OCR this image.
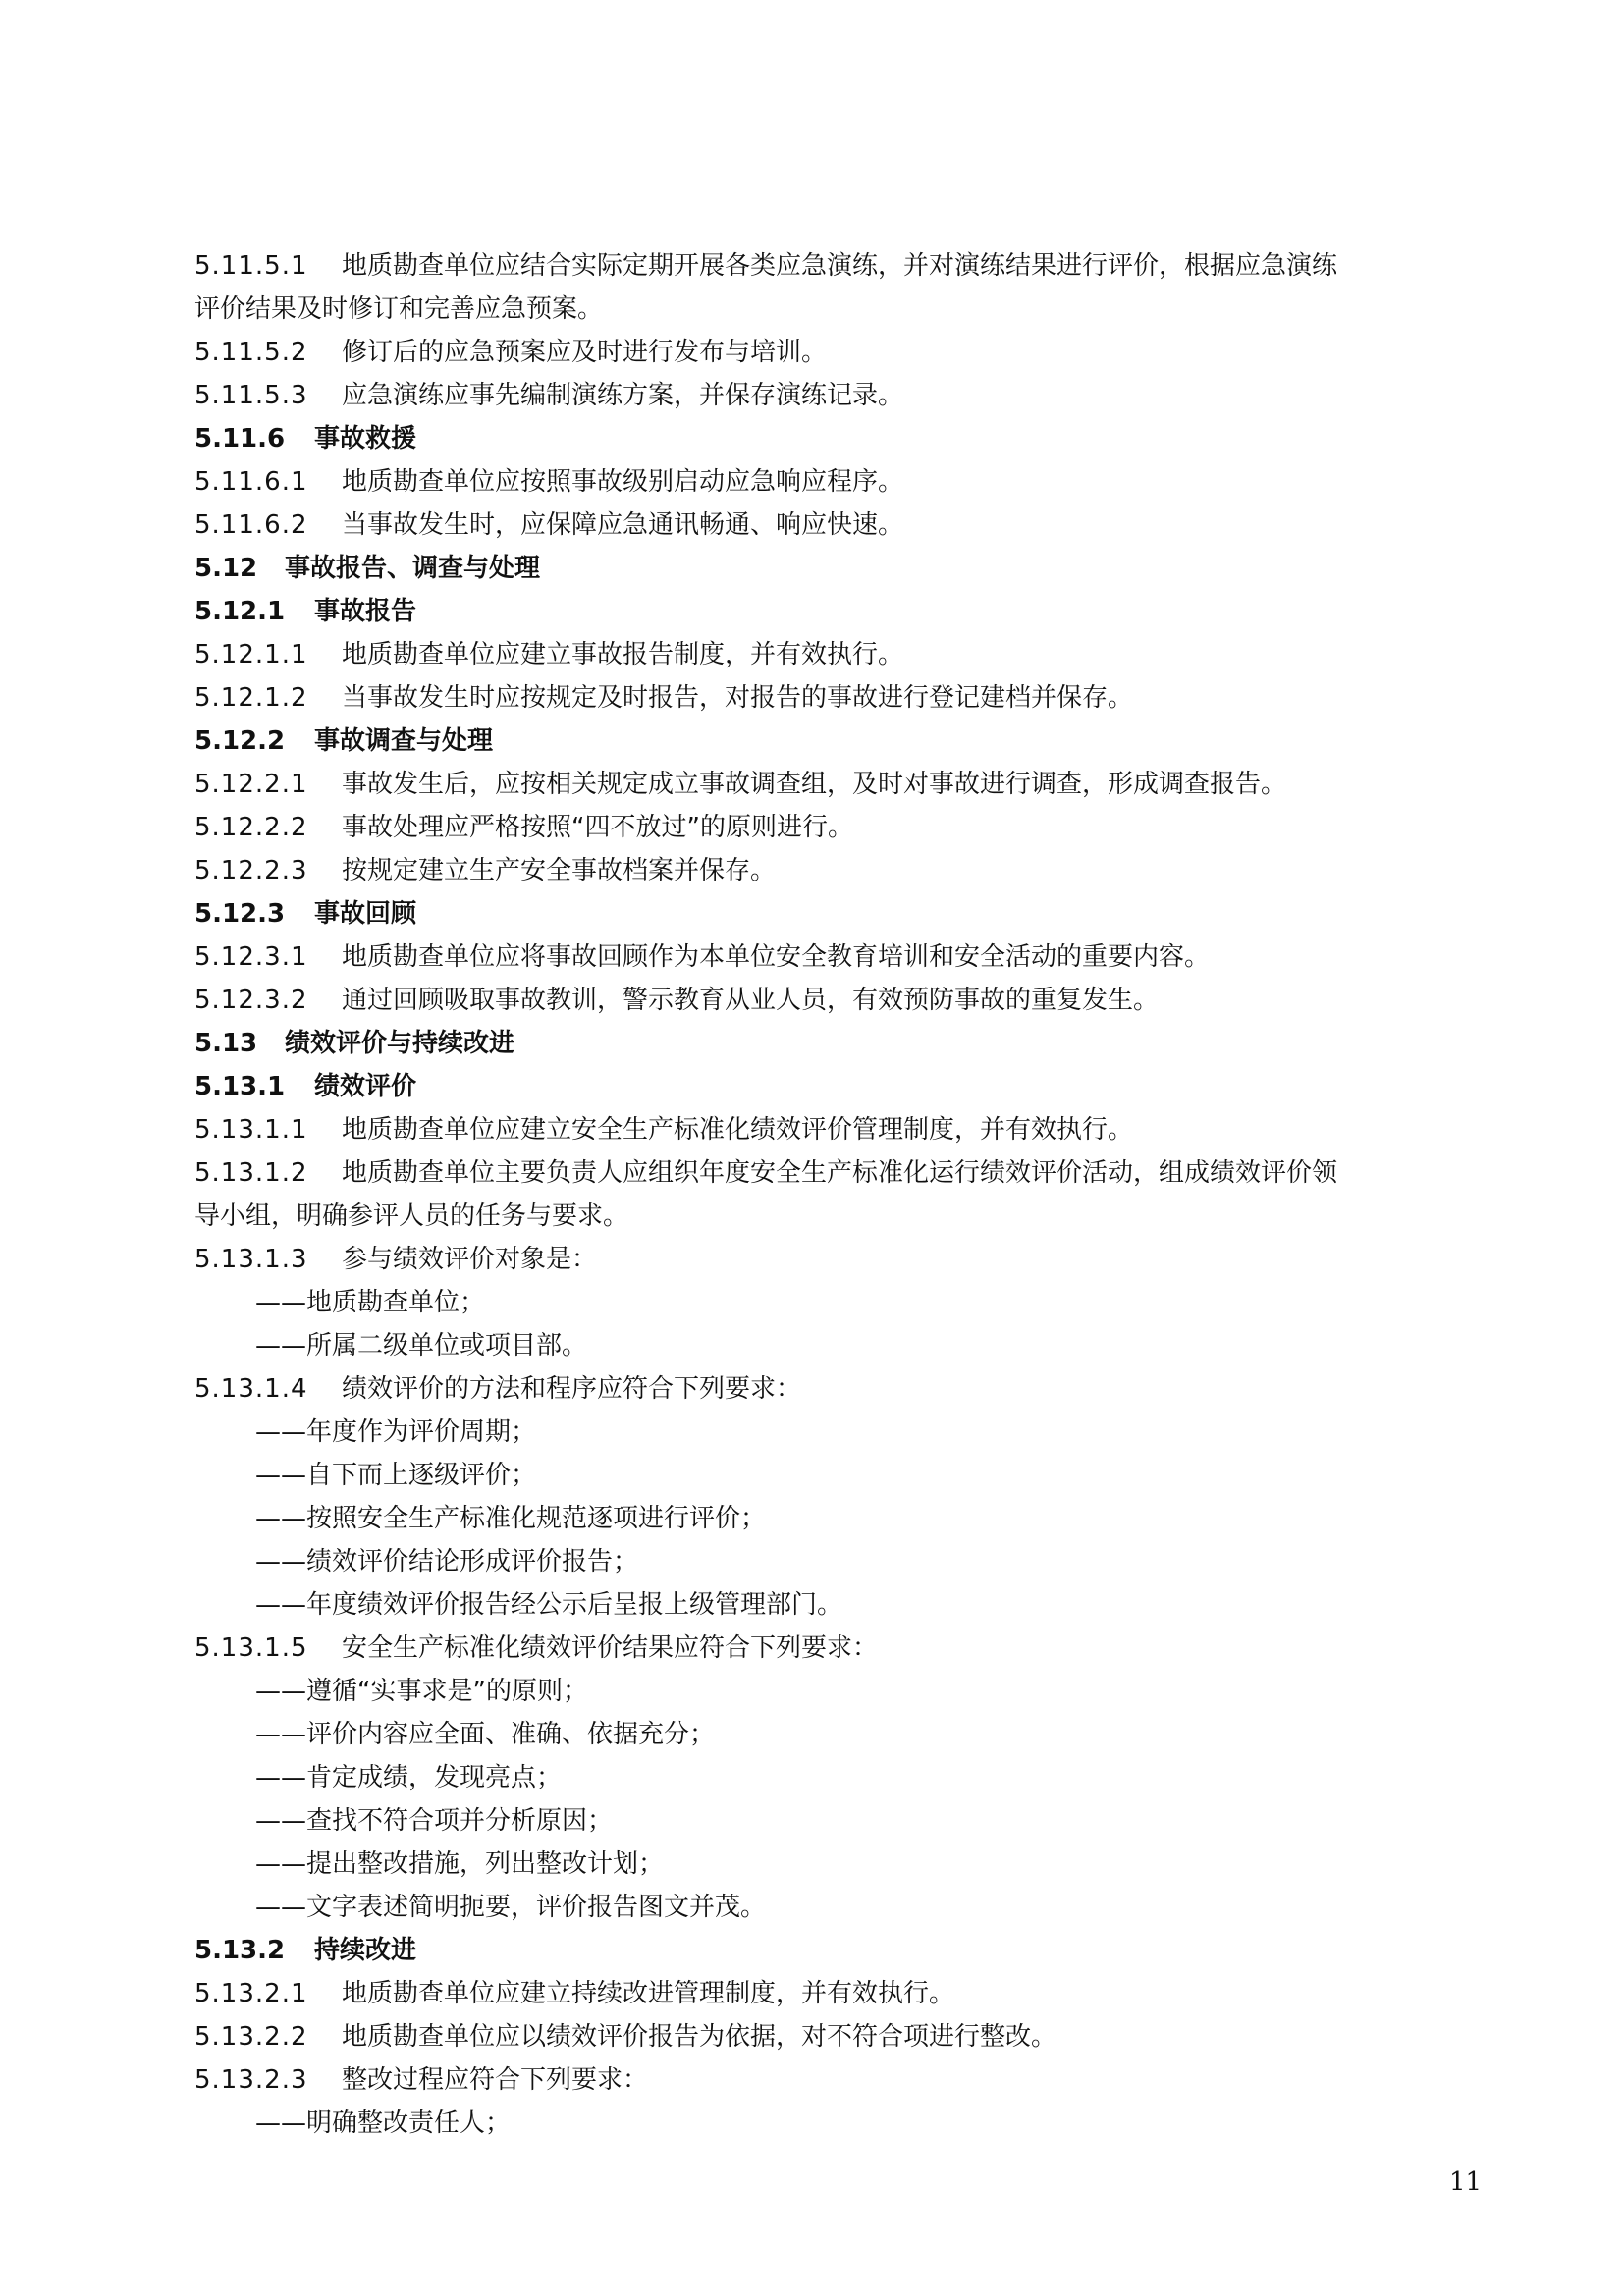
5.11.5.1 地质勘查单位应结合实际定期开展各类应急演练，并对演练结果进行评价，根据应急演练
评价结果及时修订和完善应急预案。
5.11.5.2 修订后的应急预案应及时进行发布与培训。
5.11.5.3 应急演练应事先编制演练方案，并保存演练记录。
5.11.6 事故救援
5.11.6.1 地质勘查单位应按照事故级别启动应急响应程序。
5.11.6.2 当事故发生时，应保障应急通讯畅通、响应快速。
5.12 事故报告、调查与处理
5.12.1 事故报告
5.12.1.1 地质勘查单位应建立事故报告制度，并有效执行。
5.12.1.2 当事故发生时应按规定及时报告，对报告的事故进行登记建档并保存。
5.12.2 事故调查与处理
5.12.2.1 事故发生后，应按相关规定成立事故调查组，及时对事故进行调查，形成调查报告。
5.12.2.2 事故处理应严格按照“四不放过”的原则进行。
5.12.2.3 按规定建立生产安全事故档案并保存。
5.12.3 事故回顾
5.12.3.1 地质勘查单位应将事故回顾作为本单位安全教育培训和安全活动的重要内容。
5.12.3.2 通过回顾吸取事故教训，警示教育从业人员，有效预防事故的重复发生。
5.13 绩效评价与持续改进
5.13.1 绩效评价
5.13.1.1 地质勘查单位应建立安全生产标准化绩效评价管理制度，并有效执行。
5.13.1.2 地质勘查单位主要负责人应组织年度安全生产标准化运行绩效评价活动，组成绩效评价领
导小组，明确参评人员的任务与要求。
5.13.1.3 参与绩效评价对象是：
——地质勘查单位；
——所属二级单位或项目部。
5.13.1.4 绩效评价的方法和程序应符合下列要求：
——年度作为评价周期；
——自下而上逐级评价；
——按照安全生产标准化规范逐项进行评价；
——绩效评价结论形成评价报告；
——年度绩效评价报告经公示后呈报上级管理部门。
5.13.1.5 安全生产标准化绩效评价结果应符合下列要求：
——遵循“实事求是”的原则；
——评价内容应全面、准确、依据充分；
——肯定成绩，发现亮点；
——查找不符合项并分析原因；
——提出整改措施，列出整改计划；
——文字表述简明扼要，评价报告图文并茂。
5.13.2 持续改进
5.13.2.1 地质勘查单位应建立持续改进管理制度，并有效执行。
5.13.2.2 地质勘查单位应以绩效评价报告为依据，对不符合项进行整改。
5.13.2.3 整改过程应符合下列要求：
——明确整改责任人；
11
